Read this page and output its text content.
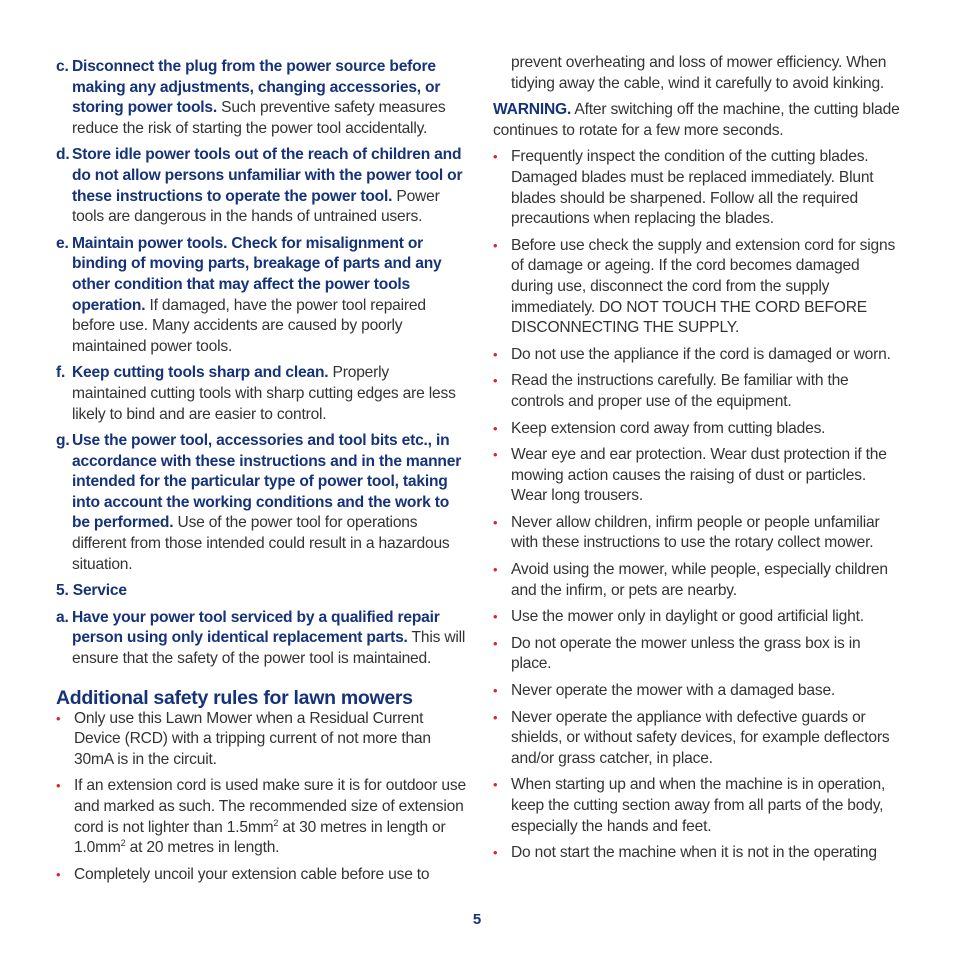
c. Disconnect the plug from the power source before making any adjustments, changing accessories, or storing power tools. Such preventive safety measures reduce the risk of starting the power tool accidentally.
d. Store idle power tools out of the reach of children and do not allow persons unfamiliar with the power tool or these instructions to operate the power tool. Power tools are dangerous in the hands of untrained users.
e. Maintain power tools. Check for misalignment or binding of moving parts, breakage of parts and any other condition that may affect the power tools operation. If damaged, have the power tool repaired before use. Many accidents are caused by poorly maintained power tools.
f. Keep cutting tools sharp and clean. Properly maintained cutting tools with sharp cutting edges are less likely to bind and are easier to control.
g. Use the power tool, accessories and tool bits etc., in accordance with these instructions and in the manner intended for the particular type of power tool, taking into account the working conditions and the work to be performed. Use of the power tool for operations different from those intended could result in a hazardous situation.
5. Service
a. Have your power tool serviced by a qualified repair person using only identical replacement parts. This will ensure that the safety of the power tool is maintained.
Additional safety rules for lawn mowers
• Only use this Lawn Mower when a Residual Current Device (RCD) with a tripping current of not more than 30mA is in the circuit.
• If an extension cord is used make sure it is for outdoor use and marked as such. The recommended size of extension cord is not lighter than $1.5mm^2$ at 30 metres in length or $1.0mm^2$ at 20 metres in length.
• Completely uncoil your extension cable before use to
prevent overheating and loss of mower efficiency. When tidying away the cable, wind it carefully to avoid kinking.
WARNING. After switching off the machine, the cutting blade continues to rotate for a few more seconds.
• Frequently inspect the condition of the cutting blades. Damaged blades must be replaced immediately. Blunt blades should be sharpened. Follow all the required precautions when replacing the blades.
• Before use check the supply and extension cord for signs of damage or ageing. If the cord becomes damaged during use, disconnect the cord from the supply immediately. DO NOT TOUCH THE CORD BEFORE DISCONNECTING THE SUPPLY.
• Do not use the appliance if the cord is damaged or worn.
• Read the instructions carefully. Be familiar with the controls and proper use of the equipment.
• Keep extension cord away from cutting blades.
• Wear eye and ear protection. Wear dust protection if the mowing action causes the raising of dust or particles. Wear long trousers.
• Never allow children, infirm people or people unfamiliar with these instructions to use the rotary collect mower.
• Avoid using the mower, while people, especially children and the infirm, or pets are nearby.
• Use the mower only in daylight or good artificial light.
• Do not operate the mower unless the grass box is in place.
• Never operate the mower with a damaged base.
• Never operate the appliance with defective guards or shields, or without safety devices, for example deflectors and/or grass catcher, in place.
• When starting up and when the machine is in operation, keep the cutting section away from all parts of the body, especially the hands and feet.
• Do not start the machine when it is not in the operating
5
